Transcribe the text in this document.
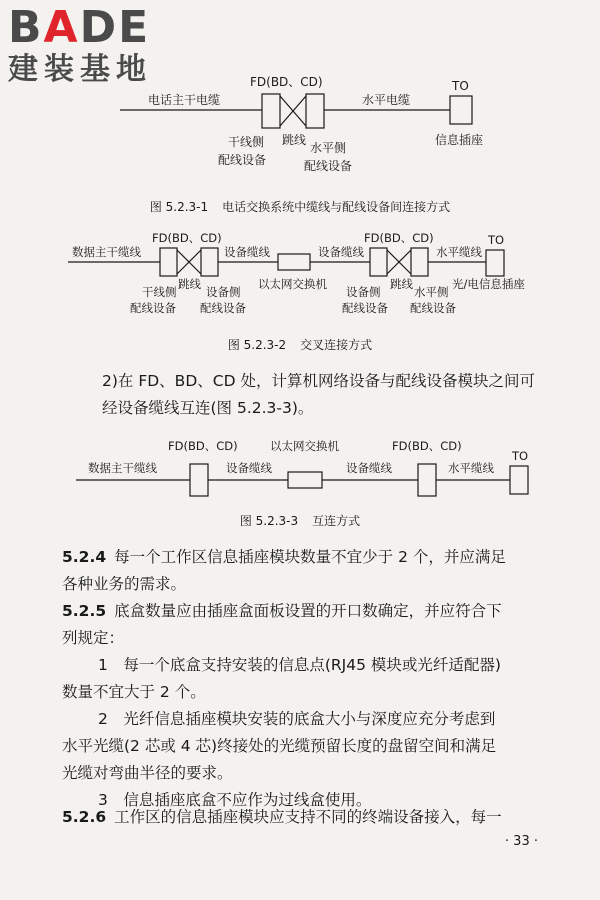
BADE
建装基地
电话主干电缆
FD(BD、CD)
跳线
干线侧
配线设备
水平侧
配线设备
水平电缆
TO
信息插座
图 5.2.3-1 电话交换系统中缆线与配线设备间连接方式
数据主干缆线
FD(BD、CD)
设备缆线
跳线
干线侧
配线设备
设备侧
配线设备
以太网交换机
设备缆线
FD(BD、CD)
跳线
设备侧
配线设备
水平侧
配线设备
水平缆线
TO
光/电信息插座
图 5.2.3-2 交叉连接方式
2)在 FD、BD、CD 处，计算机网络设备与配线设备模块之间可
经设备缆线互连(图 5.2.3-3)。
数据主干缆线
FD(BD、CD)
设备缆线
以太网交换机
设备缆线
FD(BD、CD)
水平缆线
TO
图 5.2.3-3 互连方式
5.2.4 每一个工作区信息插座模块数量不宜少于 2 个，并应满足
各种业务的需求。
5.2.5 底盒数量应由插座盒面板设置的开口数确定，并应符合下
列规定：
1　每一个底盒支持安装的信息点(RJ45 模块或光纤适配器)
数量不宜大于 2 个。
2　光纤信息插座模块安装的底盒大小与深度应充分考虑到
水平光缆(2 芯或 4 芯)终接处的光缆预留长度的盘留空间和满足
光缆对弯曲半径的要求。
3　信息插座底盒不应作为过线盒使用。
5.2.6 工作区的信息插座模块应支持不同的终端设备接入，每一
· 33 ·
